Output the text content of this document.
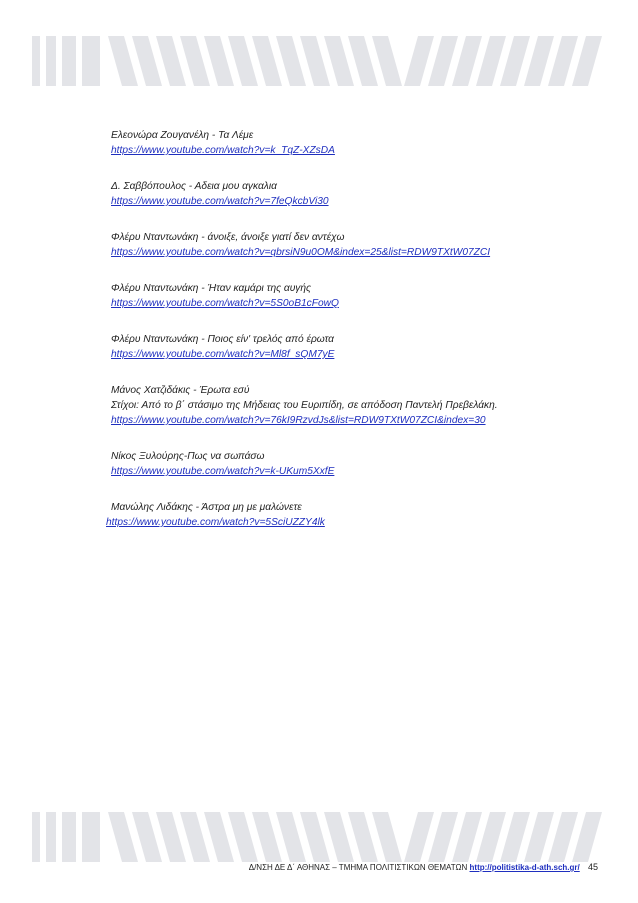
Ελεονώρα Ζουγανέλη - Τα Λέμε

https://www.youtube.com/watch?v=k_TqZ-XZsDA

Δ. Σαββόπουλος - Αδεια μου αγκαλια

https://www.youtube.com/watch?v=7feQkcbVi30

Φλέρυ Νταντωνάκη - άνοιξε, άνοιξε γιατί δεν αντέχω

https://www.youtube.com/watch?v=qbrsiN9u0OM&index=25&list=RDW9TXtW07ZCI

Φλέρυ Νταντωνάκη - Ήταν καμάρι της αυγής

https://www.youtube.com/watch?v=5S0oB1cFowQ

Φλέρυ Νταντωνάκη - Ποιος είν' τρελός από έρωτα

https://www.youtube.com/watch?v=Ml8f_sQM7yE

Μάνος Χατζιδάκις - Έρωτα εσύ

Στίχοι: Από το β΄ στάσιμο της Μήδειας του Ευριπίδη, σε απόδοση Παντελή Πρεβελάκη.

https://www.youtube.com/watch?v=76kI9RzvdJs&list=RDW9TXtW07ZCI&index=30

Νίκος Ξυλούρης-Πως να σωπάσω

https://www.youtube.com/watch?v=k-UKum5XxfE

Μανώλης Λιδάκης - Άστρα μη με μαλώνετε

https://www.youtube.com/watch?v=5SciUZZY4lk
Δ/ΝΣΗ ΔΕ Δ΄ ΑΘΗΝΑΣ – ΤΜΗΜΑ ΠΟΛΙΤΙΣΤΙΚΩΝ ΘΕΜΑΤΩΝ http://politistika-d-ath.sch.gr/ 45
